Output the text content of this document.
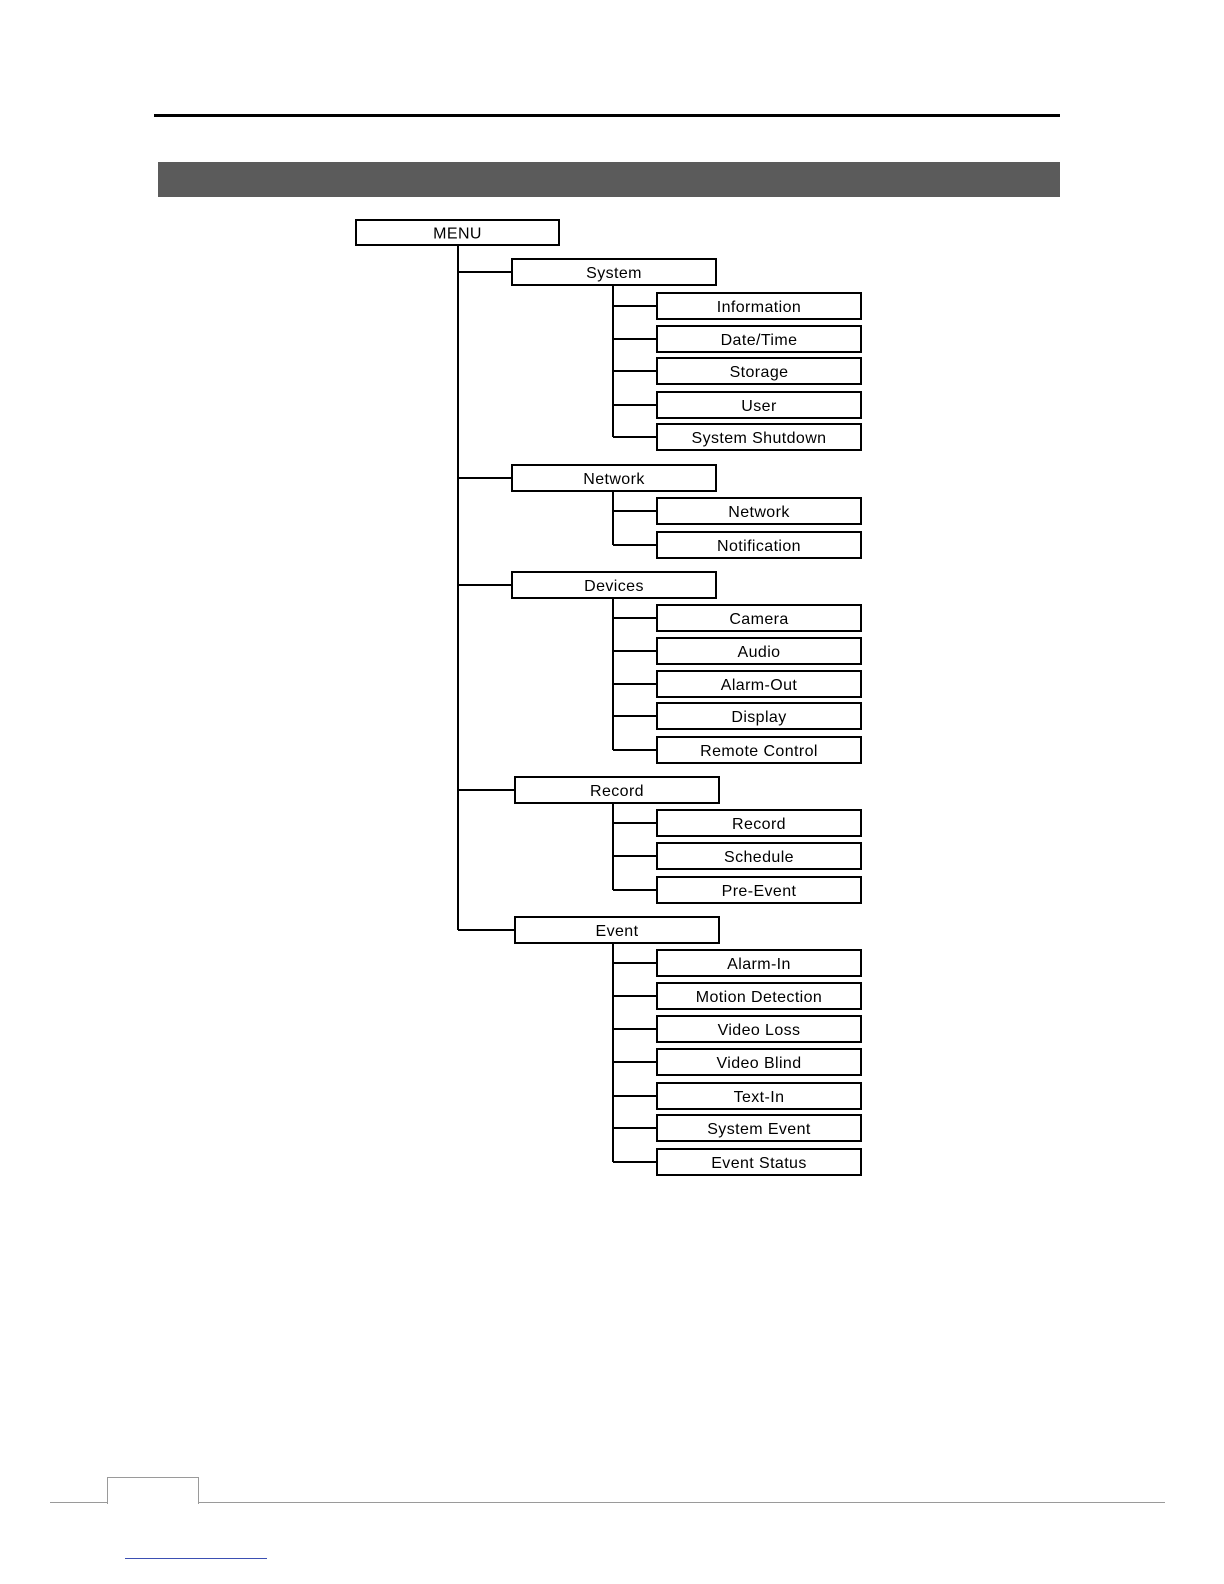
MENU
System
Information
Date/Time
Storage
User
System Shutdown
Network
Network
Notification
Devices
Camera
Audio
Alarm-Out
Display
Remote Control
Record
Record
Schedule
Pre-Event
Event
Alarm-In
Motion Detection
Video Loss
Video Blind
Text-In
System Event
Event Status
